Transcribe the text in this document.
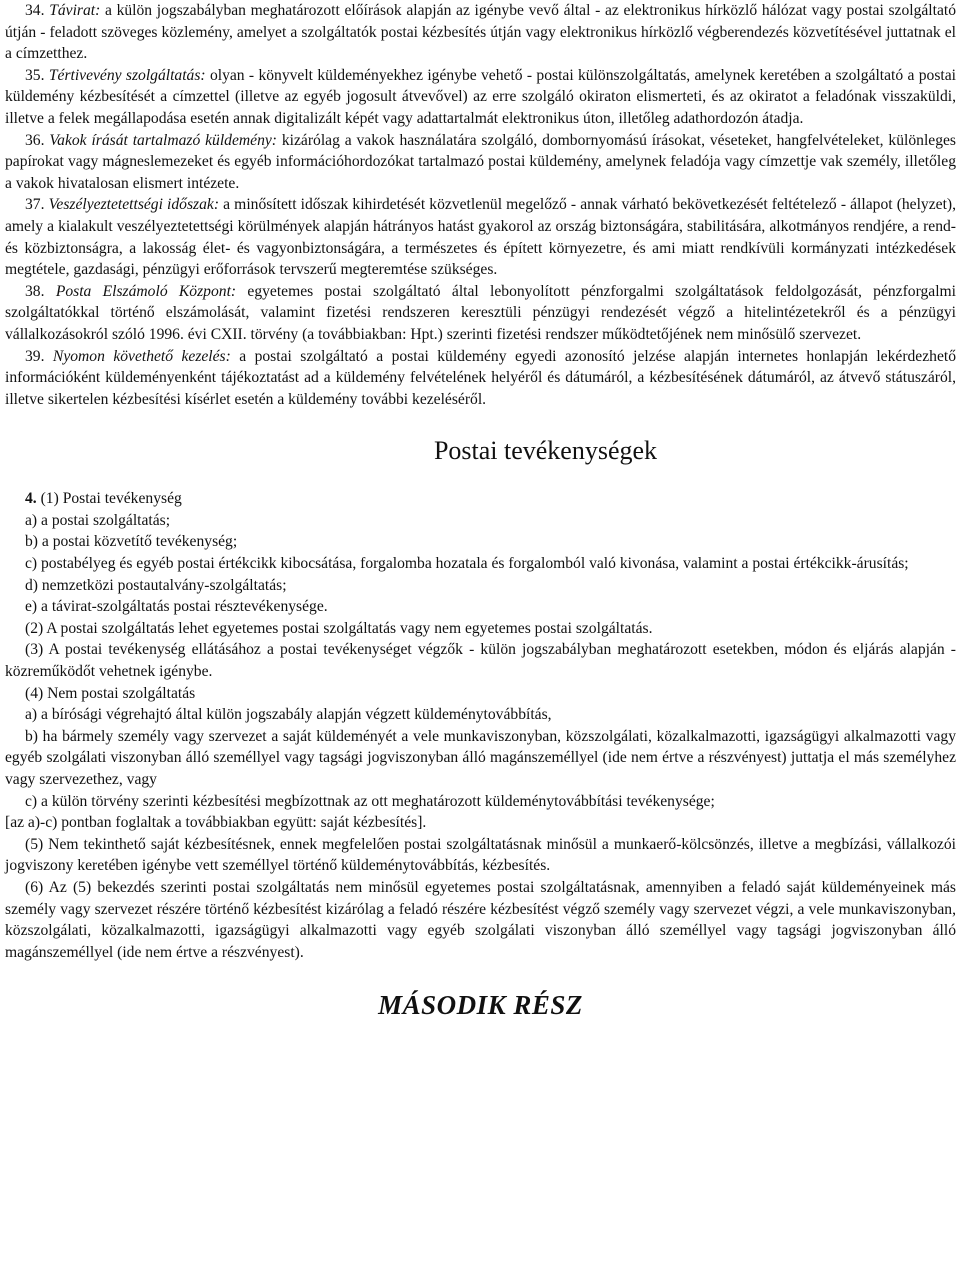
34. Távirat: a külön jogszabályban meghatározott előírások alapján az igénybe vevő által - az elektronikus hírközlő hálózat vagy postai szolgáltató útján - feladott szöveges közlemény, amelyet a szolgáltatók postai kézbesítés útján vagy elektronikus hírközlő végberendezés közvetítésével juttatnak el a címzetthez.

35. Tértivevény szolgáltatás: olyan - könyvelt küldeményekhez igénybe vehető - postai különszolgáltatás, amelynek keretében a szolgáltató a postai küldemény kézbesítését a címzettel (illetve az egyéb jogosult átvevővel) az erre szolgáló okiraton elismerteti, és az okiratot a feladónak visszaküldi, illetve a felek megállapodása esetén annak digitalizált képét vagy adattartalmát elektronikus úton, illetőleg adathordozón átadja.

36. Vakok írását tartalmazó küldemény: kizárólag a vakok használatára szolgáló, dombornyomású írásokat, véseteket, hangfelvételeket, különleges papírokat vagy mágneslemezeket és egyéb információhordozókat tartalmazó postai küldemény, amelynek feladója vagy címzettje vak személy, illetőleg a vakok hivatalosan elismert intézete.

37. Veszélyeztetettségi időszak: a minősített időszak kihirdetését közvetlenül megelőző - annak várható bekövetkezését feltételező - állapot (helyzet), amely a kialakult veszélyeztetettségi körülmények alapján hátrányos hatást gyakorol az ország biztonságára, stabilitására, alkotmányos rendjére, a rend- és közbiztonságra, a lakosság élet- és vagyonbiztonságára, a természetes és épített környezetre, és ami miatt rendkívüli kormányzati intézkedések megtétele, gazdasági, pénzügyi erőforrások tervszerű megteremtése szükséges.

38. Posta Elszámoló Központ: egyetemes postai szolgáltató által lebonyolított pénzforgalmi szolgáltatások feldolgozását, pénzforgalmi szolgáltatókkal történő elszámolását, valamint fizetési rendszeren keresztüli pénzügyi rendezését végző a hitelintézetekről és a pénzügyi vállalkozásokról szóló 1996. évi CXII. törvény (a továbbiakban: Hpt.) szerinti fizetési rendszer működtetőjének nem minősülő szervezet.

39. Nyomon követhető kezelés: a postai szolgáltató a postai küldemény egyedi azonosító jelzése alapján internetes honlapján lekérdezhető információként küldeményenként tájékoztatást ad a küldemény felvételének helyéről és dátumáról, a kézbesítésének dátumáról, az átvevő státuszáról, illetve sikertelen kézbesítési kísérlet esetén a küldemény további kezeléséről.

Postai tevékenységek

4. (1) Postai tevékenység

a) a postai szolgáltatás;

b) a postai közvetítő tevékenység;

c) postabélyeg és egyéb postai értékcikk kibocsátása, forgalomba hozatala és forgalomból való kivonása, valamint a postai értékcikk-árusítás;

d) nemzetközi postautalvány-szolgáltatás;

e) a távirat-szolgáltatás postai résztevékenysége.

(2) A postai szolgáltatás lehet egyetemes postai szolgáltatás vagy nem egyetemes postai szolgáltatás.

(3) A postai tevékenység ellátásához a postai tevékenységet végzők - külön jogszabályban meghatározott esetekben, módon és eljárás alapján - közreműködőt vehetnek igénybe.

(4) Nem postai szolgáltatás

a) a bírósági végrehajtó által külön jogszabály alapján végzett küldeménytovábbítás,

b) ha bármely személy vagy szervezet a saját küldeményét a vele munkaviszonyban, közszolgálati, közalkalmazotti, igazságügyi alkalmazotti vagy egyéb szolgálati viszonyban álló személlyel vagy tagsági jogviszonyban álló magánszeméllyel (ide nem értve a részvényest) juttatja el más személyhez vagy szervezethez, vagy

c) a külön törvény szerinti kézbesítési megbízottnak az ott meghatározott küldeménytovábbítási tevékenysége;

[az a)-c) pontban foglaltak a továbbiakban együtt: saját kézbesítés].

(5) Nem tekinthető saját kézbesítésnek, ennek megfelelően postai szolgáltatásnak minősül a munkaerő-kölcsönzés, illetve a megbízási, vállalkozói jogviszony keretében igénybe vett személlyel történő küldeménytovábbítás, kézbesítés.

(6) Az (5) bekezdés szerinti postai szolgáltatás nem minősül egyetemes postai szolgáltatásnak, amennyiben a feladó saját küldeményeinek más személy vagy szervezet részére történő kézbesítést kizárólag a feladó részére kézbesítést végző személy vagy szervezet végzi, a vele munkaviszonyban, közszolgálati, közalkalmazotti, igazságügyi alkalmazotti vagy egyéb szolgálati viszonyban álló személlyel vagy tagsági jogviszonyban álló magánszeméllyel (ide nem értve a részvényest).

MÁSODIK RÉSZ
